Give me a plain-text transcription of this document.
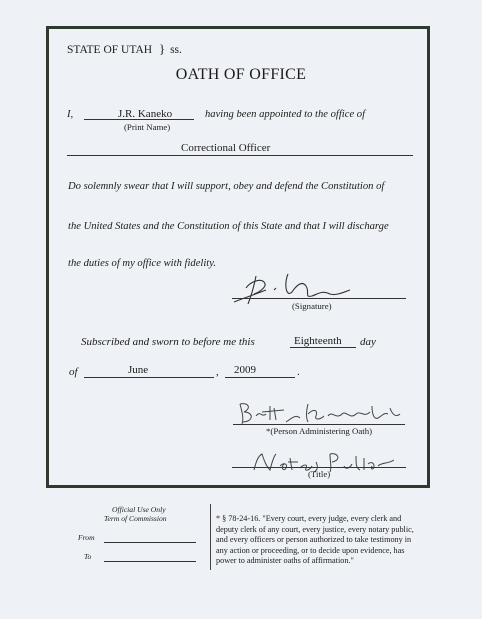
STATE OF UTAH } ss.
OATH OF OFFICE
I,	J.R. Kaneko
(Print Name)
having been appointed to the office of
Correctional Officer
Do solemnly swear that I will support, obey and defend the Constitution of
the United States and the Constitution of this State and that I will discharge
the duties of my office with fidelity.
(Signature)
Subscribed and sworn to before me this	Eighteenth day
of	June	, 2009	.
*(Person Administering Oath)
(Title)
Official Use Only
Term of Commission
From
To
* § 78-24-16. "Every court, every judge, every clerk and deputy clerk of any court, every justice, every notary public, and every officers or person authorized to take testimony in any action or proceeding, or to decide upon evidence, has power to administer oaths of affirmation."
